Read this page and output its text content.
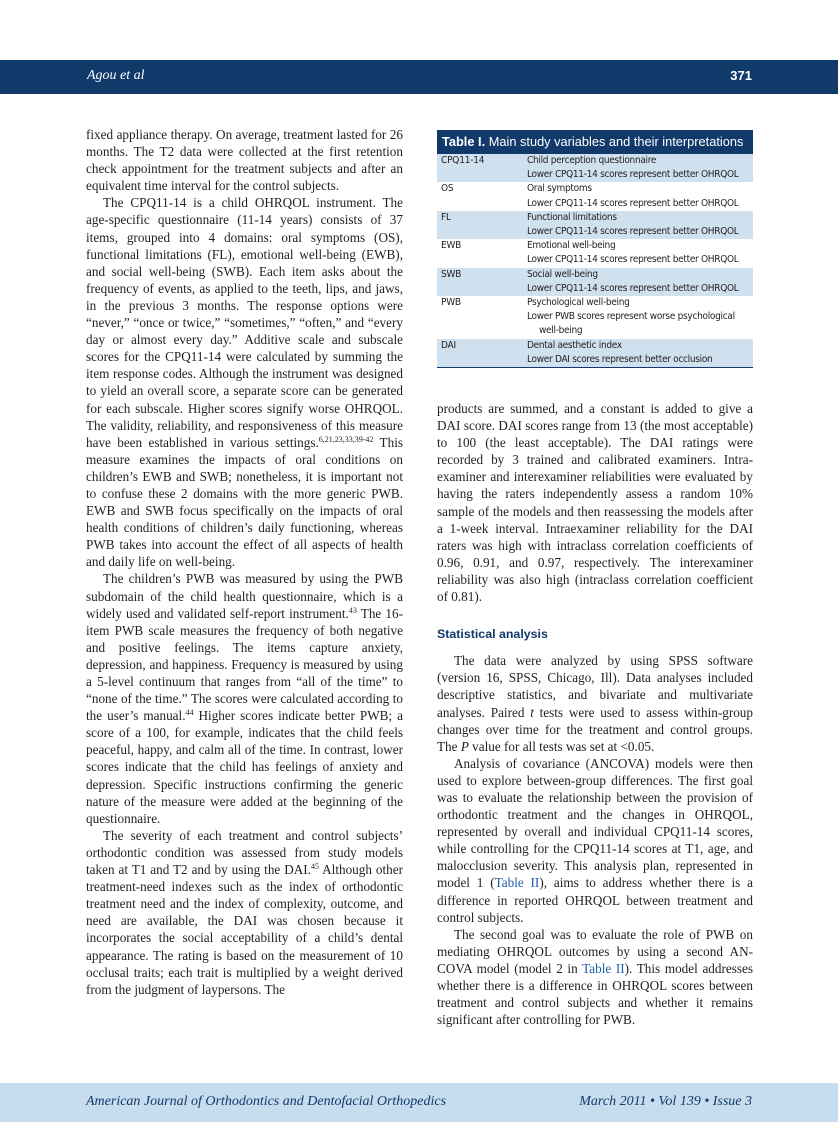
Agou et al	371

fixed appliance therapy. On average, treatment lasted for 26 months. The T2 data were collected at the first retention check appointment for the treatment subjects and after an equivalent time interval for the control subjects.

The CPQ11-14 is a child OHRQOL instrument. The age-specific questionnaire (11-14 years) consists of 37 items, grouped into 4 domains: oral symptoms (OS), functional limitations (FL), emotional well-being (EWB), and social well-being (SWB). Each item asks about the frequency of events, as applied to the teeth, lips, and jaws, in the previous 3 months. The response options were “never,” “once or twice,” “sometimes,” “often,” and “every day or almost every day.” Additive scale and subscale scores for the CPQ11-14 were calculated by summing the item response codes. Although the instrument was designed to yield an overall score, a separate score can be generated for each subscale. Higher scores signify worse OHRQOL. The validity, reliability, and responsiveness of this measure have been established in various settings.$^{6,21,23,33,39-42}$ This measure examines the impacts of oral conditions on children’s EWB and SWB; nonetheless, it is important not to confuse these 2 domains with the more generic PWB. EWB and SWB focus specifically on the impacts of oral health conditions of children’s daily functioning, whereas PWB takes into account the effect of all aspects of health and daily life on well-being.

The children’s PWB was measured by using the PWB subdomain of the child health questionnaire, which is a widely used and validated self-report instrument.$^{43}$ The 16-item PWB scale measures the frequency of both negative and positive feelings. The items capture anxiety, depression, and happiness. Frequency is measured by using a 5-level continuum that ranges from “all of the time” to “none of the time.” The scores were calculated according to the user’s manual.$^{44}$ Higher scores indicate better PWB; a score of a 100, for example, indicates that the child feels peaceful, happy, and calm all of the time. In contrast, lower scores indicate that the child has feelings of anxiety and depression. Specific instructions confirming the generic nature of the measure were added at the beginning of the questionnaire.

The severity of each treatment and control subjects’ orthodontic condition was assessed from study models taken at T1 and T2 and by using the DAI.$^{45}$ Although other treatment-need indexes such as the index of orthodontic treatment need and the index of complexity, outcome, and need are available, the DAI was chosen because it incorporates the social acceptability of a child’s dental appearance. The rating is based on the measurement of 10 occlusal traits; each trait is multiplied by a weight derived from the judgment of laypersons. The

Table I. Main study variables and their interpretations
CPQ11-14	Child perception questionnaire
Lower CPQ11-14 scores represent better OHRQOL
OS	Oral symptoms
Lower CPQ11-14 scores represent better OHRQOL
FL	Functional limitations
Lower CPQ11-14 scores represent better OHRQOL
EWB	Emotional well-being
Lower CPQ11-14 scores represent better OHRQOL
SWB	Social well-being
Lower CPQ11-14 scores represent better OHRQOL
PWB	Psychological well-being
Lower PWB scores represent worse psychological
well-being
DAI	Dental aesthetic index
Lower DAI scores represent better occlusion

products are summed, and a constant is added to give a DAI score. DAI scores range from 13 (the most acceptable) to 100 (the least acceptable). The DAI ratings were recorded by 3 trained and calibrated examiners. Intraexaminer and interexaminer reliabilities were evaluated by having the raters independently assess a random 10% sample of the models and then reassessing the models after a 1-week interval. Intraexaminer reliability for the DAI raters was high with intraclass correlation coefficients of 0.96, 0.91, and 0.97, respectively. The interexaminer reliability was also high (intraclass correlation coefficient of 0.81).

Statistical analysis

The data were analyzed by using SPSS software (version 16, SPSS, Chicago, Ill). Data analyses included descriptive statistics, and bivariate and multivariate analyses. Paired t tests were used to assess within-group changes over time for the treatment and control groups. The P value for all tests was set at <0.05.

Analysis of covariance (ANCOVA) models were then used to explore between-group differences. The first goal was to evaluate the relationship between the provision of orthodontic treatment and the changes in OHRQOL, represented by overall and individual CPQ11-14 scores, while controlling for the CPQ11-14 scores at T1, age, and malocclusion severity. This analysis plan, represented in model 1 (Table II), aims to address whether there is a difference in reported OHRQOL between treatment and control subjects.

The second goal was to evaluate the role of PWB on mediating OHRQOL outcomes by using a second ANCOVA model (model 2 in Table II). This model addresses whether there is a difference in OHRQOL scores between treatment and control subjects and whether it remains significant after controlling for PWB.

American Journal of Orthodontics and Dentofacial Orthopedics	March 2011 • Vol 139 • Issue 3
